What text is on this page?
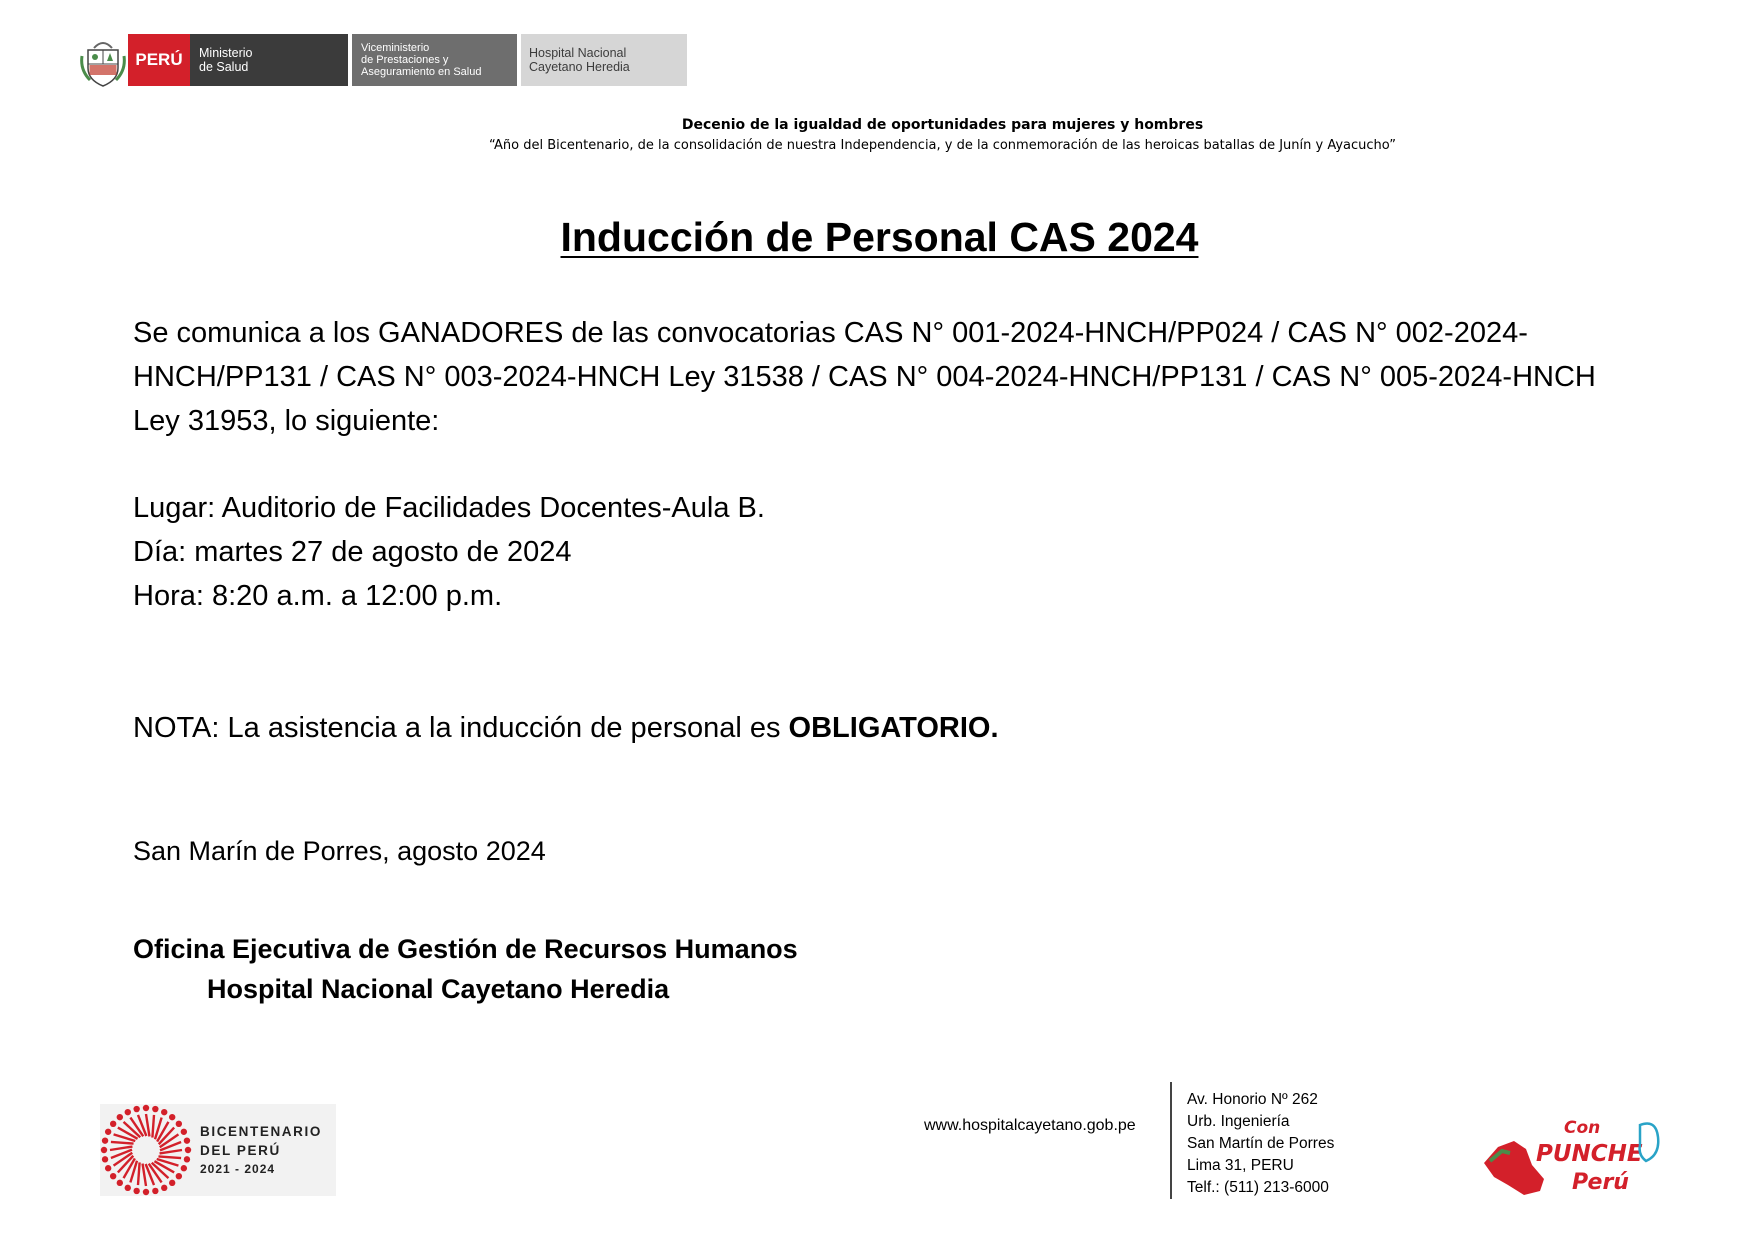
PERÚ Ministerio
de Salud
Viceministerio
de Prestaciones y
Aseguramiento en Salud
Hospital Nacional
Cayetano Heredia
Decenio de la igualdad de oportunidades para mujeres y hombres
“Año del Bicentenario, de la consolidación de nuestra Independencia, y de la conmemoración de las heroicas batallas de Junín y Ayacucho”
Inducción de Personal CAS 2024
Se comunica a los GANADORES de las convocatorias CAS N° 001-2024-HNCH/PP024 / CAS N° 002-2024-HNCH/PP131 / CAS N° 003-2024-HNCH Ley 31538 / CAS N° 004-2024-HNCH/PP131 / CAS N° 005-2024-HNCH Ley 31953, lo siguiente:
Lugar: Auditorio de Facilidades Docentes-Aula B.
Día: martes 27 de agosto de 2024
Hora: 8:20 a.m. a 12:00 p.m.
NOTA: La asistencia a la inducción de personal es OBLIGATORIO.
San Marín de Porres, agosto 2024
Oficina Ejecutiva de Gestión de Recursos Humanos
Hospital Nacional Cayetano Heredia
BICENTENARIO
DEL PERÚ
2021 - 2024
www.hospitalcayetano.gob.pe
Av. Honorio Nº 262
Urb. Ingeniería
San Martín de Porres
Lima 31, PERU
Telf.: (511) 213-6000
Con
PUNCHE
Perú
